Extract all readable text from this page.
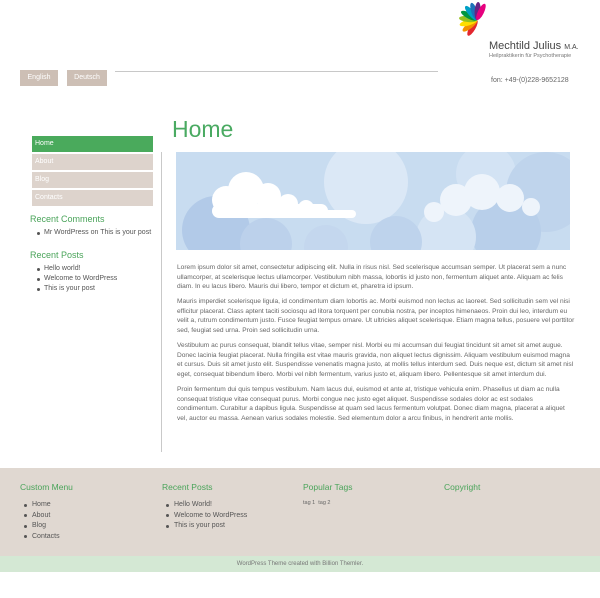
Mechtild Julius M.A.
Heilpraktikerin für Psychotherapie
English	Deutsch	fon: +49-(0)228-9652128
Home
About
Blog
Contacts
Recent Comments
Mr WordPress on This is your post
Recent Posts
Hello world!
Welcome to WordPress
This is your post
Home

Lorem ipsum dolor sit amet, consectetur adipiscing elit. Nulla in risus nisl. Sed scelerisque accumsan semper. Ut placerat sem a nunc ullamcorper, at scelerisque lectus ullamcorper. Vestibulum nibh massa, lobortis id justo non, fermentum aliquet ante. Aliquam ac felis diam. In eu lacus libero. Mauris dui libero, tempor et dictum et, pharetra id ipsum.

Mauris imperdiet scelerisque ligula, id condimentum diam lobortis ac. Morbi euismod non lectus ac laoreet. Sed sollicitudin sem vel nisi efficitur placerat. Class aptent taciti sociosqu ad litora torquent per conubia nostra, per inceptos himenaeos. Proin dui leo, interdum eu velit a, rutrum condimentum justo. Fusce feugiat tempus ornare. Ut ultricies aliquet scelerisque. Etiam magna tellus, posuere vel porttitor sed, feugiat sed urna. Proin sed sollicitudin urna.

Vestibulum ac purus consequat, blandit tellus vitae, semper nisl. Morbi eu mi accumsan dui feugiat tincidunt sit amet sit amet augue. Donec lacinia feugiat placerat. Nulla fringilla est vitae mauris gravida, non aliquet lectus dignissim. Aliquam vestibulum euismod magna et cursus. Duis sit amet justo elit. Suspendisse venenatis magna justo, at mollis tellus interdum sed. Duis neque est, dictum sit amet nisl eget, consequat bibendum libero. Morbi vel nibh fermentum, varius justo et, aliquam libero. Pellentesque sit amet interdum dui.

Proin fermentum dui quis tempus vestibulum. Nam lacus dui, euismod et ante at, tristique vehicula enim. Phasellus ut diam ac nulla consequat tristique vitae consequat purus. Morbi congue nec justo eget aliquet. Suspendisse sodales dolor ac est sodales condimentum. Curabitur a dapibus ligula. Suspendisse at quam sed lacus fermentum volutpat. Donec diam magna, placerat a aliquet vel, auctor eu massa. Aenean varius sodales molestie. Sed elementum dolor a arcu finibus, in hendrerit ante mollis.

Custom Menu
Home
About
Blog
Contacts
Recent Posts
Hello World!
Welcome to WordPress
This is your post
Popular Tags
tag 1 tag 2
Copyright
WordPress Theme created with Billion Themler.
